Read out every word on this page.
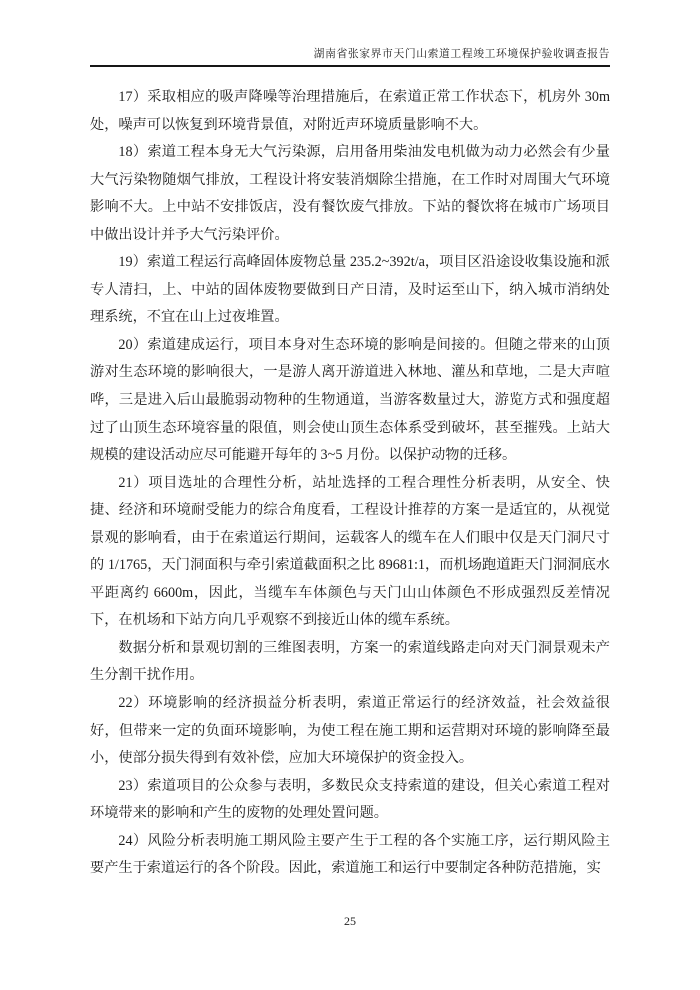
湖南省张家界市天门山索道工程竣工环境保护验收调查报告

17）采取相应的吸声降噪等治理措施后，在索道正常工作状态下，机房外 30m 处，噪声可以恢复到环境背景值，对附近声环境质量影响不大。

18）索道工程本身无大气污染源，启用备用柴油发电机做为动力必然会有少量大气污染物随烟气排放，工程设计将安装消烟除尘措施，在工作时对周围大气环境影响不大。上中站不安排饭店，没有餐饮废气排放。下站的餐饮将在城市广场项目中做出设计并予大气污染评价。

19）索道工程运行高峰固体废物总量 235.2~392t/a，项目区沿途设收集设施和派专人清扫，上、中站的固体废物要做到日产日清，及时运至山下，纳入城市消纳处理系统，不宜在山上过夜堆置。

20）索道建成运行，项目本身对生态环境的影响是间接的。但随之带来的山顶游对生态环境的影响很大，一是游人离开游道进入林地、灌丛和草地，二是大声喧哗，三是进入后山最脆弱动物种的生物通道，当游客数量过大，游览方式和强度超过了山顶生态环境容量的限值，则会使山顶生态体系受到破坏，甚至摧残。上站大规模的建设活动应尽可能避开每年的 3~5 月份。以保护动物的迁移。

21）项目选址的合理性分析，站址选择的工程合理性分析表明，从安全、快捷、经济和环境耐受能力的综合角度看，工程设计推荐的方案一是适宜的，从视觉景观的影响看，由于在索道运行期间，运载客人的缆车在人们眼中仅是天门洞尺寸的 1/1765，天门洞面积与牵引索道截面积之比 89681:1，而机场跑道距天门洞洞底水平距离约 6600m，因此，当缆车车体颜色与天门山山体颜色不形成强烈反差情况下，在机场和下站方向几乎观察不到接近山体的缆车系统。

数据分析和景观切割的三维图表明，方案一的索道线路走向对天门洞景观未产生分割干扰作用。

22）环境影响的经济损益分析表明，索道正常运行的经济效益，社会效益很好，但带来一定的负面环境影响，为使工程在施工期和运营期对环境的影响降至最小，使部分损失得到有效补偿，应加大环境保护的资金投入。

23）索道项目的公众参与表明，多数民众支持索道的建设，但关心索道工程对环境带来的影响和产生的废物的处理处置问题。

24）风险分析表明施工期风险主要产生于工程的各个实施工序，运行期风险主要产生于索道运行的各个阶段。因此，索道施工和运行中要制定各种防范措施，实

25
